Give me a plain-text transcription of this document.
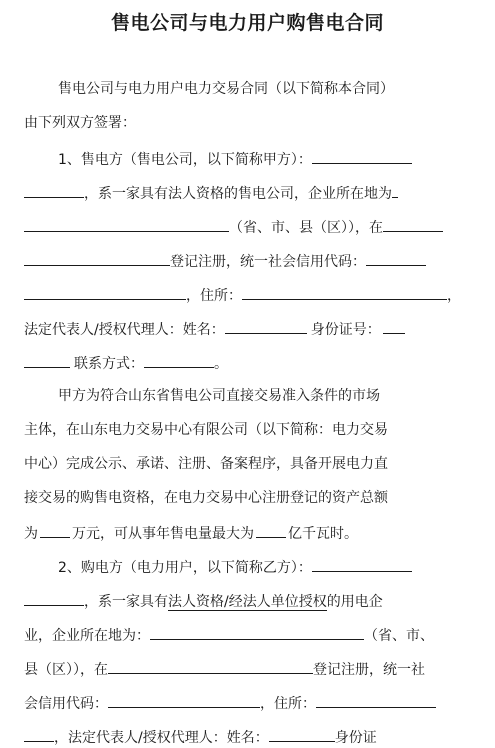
售电公司与电力用户购售电合同
售电公司与电力用户电力交易合同（以下简称本合同）
由下列双方签署：
1、售电方（售电公司，以下简称甲方）：
，系一家具有法人资格的售电公司，企业所在地为
（省、市、县（区）），在
登记注册，统一社会信用代码：
，住所：	，
法定代表人/授权代理人：姓名：	身份证号：
联系方式：	。
甲方为符合山东省售电公司直接交易准入条件的市场
主体，在山东电力交易中心有限公司（以下简称：电力交易
中心）完成公示、承诺、注册、备案程序，具备开展电力直
接交易的购售电资格，在电力交易中心注册登记的资产总额
为 万元，可从事年售电量最大为 亿千瓦时。
2、购电方（电力用户，以下简称乙方）：
，系一家具有法人资格/经法人单位授权的用电企
业，企业所在地为：	（省、市、
县（区）），在	登记注册，统一社
会信用代码：	，住所：
，法定代表人/授权代理人：姓名：	身份证
